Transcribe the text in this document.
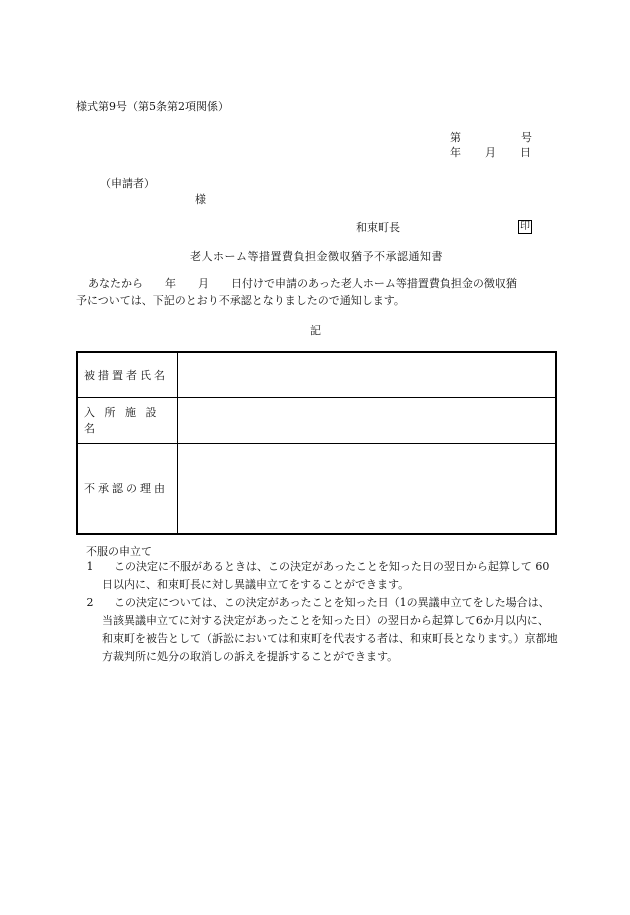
様式第9号（第5条第2項関係）
第	号
年 月 日
（申請者）
様
和束町長	印
老人ホーム等措置費負担金徴収猶予不承認通知書
あなたから　　年　　月　　日付けで申請のあった老人ホーム等措置費負担金の徴収猶
予については、下記のとおり不承認となりましたので通知します。
記
被措置者氏名	
入 所 施 設 名	
不承認の理由	
不服の申立て
1	この決定に不服があるときは、この決定があったことを知った日の翌日から起算して 60 日以内に、和束町長に対し異議申立てをすることができます。
2	この決定については、この決定があったことを知った日（1の異議申立てをした場合は、当該異議申立てに対する決定があったことを知った日）の翌日から起算して6か月以内に、和束町を被告として（訴訟においては和束町を代表する者は、和束町長となります。）京都地方裁判所に処分の取消しの訴えを提訴することができます。
